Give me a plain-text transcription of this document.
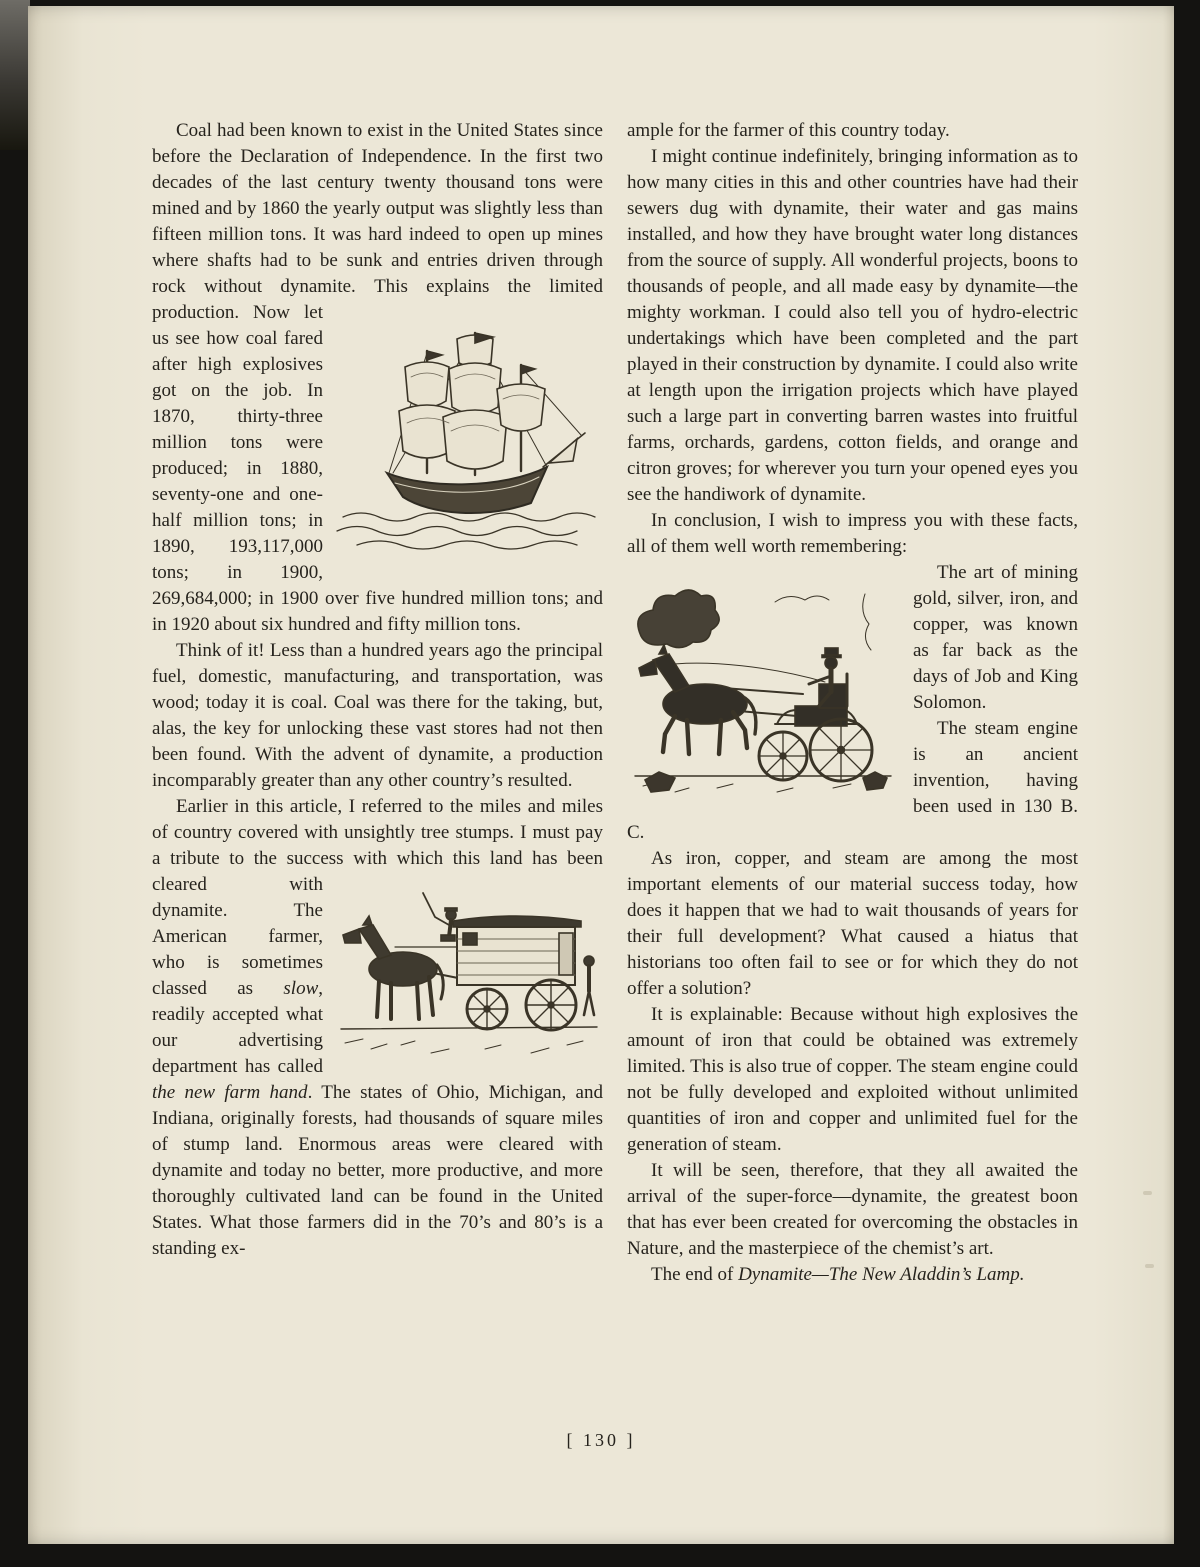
Coal had been known to exist in the United States since before the Declaration of Independence. In the first two decades of the last century twenty thousand tons were mined and by 1860 the yearly output was slightly less than fifteen million tons. It was hard indeed to open up mines where shafts had to be sunk and entries driven through rock without dynamite.
This explains the limited production. Now let us see how coal fared after high explosives got on the job. In 1870, thirty-three million tons were produced; in 1880, seventy-one and one-half million tons; in 1890, 193,117,000 tons; in 1900, 269,684,000; in 1900 over five hundred million tons; and in 1920 about six hundred and fifty million tons.

Think of it! Less than a hundred years ago the principal fuel, domestic, manufacturing, and transportation, was wood; today it is coal. Coal was there for the taking, but, alas, the key for unlocking these vast stores had not then been found. With the advent of dynamite, a production incomparably greater than any other country’s resulted.

Earlier in this article, I referred to the miles and miles of country covered with unsightly tree stumps. I must pay a tribute to the success
with which this land has been cleared with dynamite. The American farmer, who is sometimes classed as slow, readily accepted what our advertising department has called the new farm hand. The states of Ohio, Michigan, and Indiana, originally forests, had thousands of square miles of stump land. Enormous areas were cleared with dynamite and today no better, more productive, and more thoroughly cultivated land can be found in the United States. What those farmers did in the 70’s and 80’s is a standing ex-

ample for the farmer of this country today.

I might continue indefinitely, bringing information as to how many cities in this and other countries have had their sewers dug with dynamite, their water and gas mains installed, and how they have brought water long distances from the source of supply. All wonderful projects, boons to thousands of people, and all made easy by dynamite—the mighty workman. I could also tell you of hydro-electric undertakings which have been completed and the part played in their construction by dynamite. I could also write at length upon the irrigation projects which have played such a large part in converting barren wastes into fruitful farms, orchards, gardens, cotton fields, and orange and citron groves; for wherever you turn your opened eyes you see the handiwork of dynamite.

In conclusion, I wish to impress you with these facts, all of them well worth remembering:

The art of mining gold, silver, iron, and copper, was known as far back as the days of Job and King Solomon.

The steam engine is an ancient invention, having been used in 130 B. C.

As iron, copper, and steam are among the most important elements of our material success today, how does it happen that we had to wait thousands of years for their full development? What caused a hiatus that historians too often fail to see or for which they do not offer a solution?

It is explainable: Because without high explosives the amount of iron that could be obtained was extremely limited. This is also true of copper. The steam engine could not be fully developed and exploited without unlimited quantities of iron and copper and unlimited fuel for the generation of steam.

It will be seen, therefore, that they all awaited the arrival of the super-force—dynamite, the greatest boon that has ever been created for overcoming the obstacles in Nature, and the masterpiece of the chemist’s art.

The end of Dynamite—The New Aladdin’s Lamp.

[ 130 ]
